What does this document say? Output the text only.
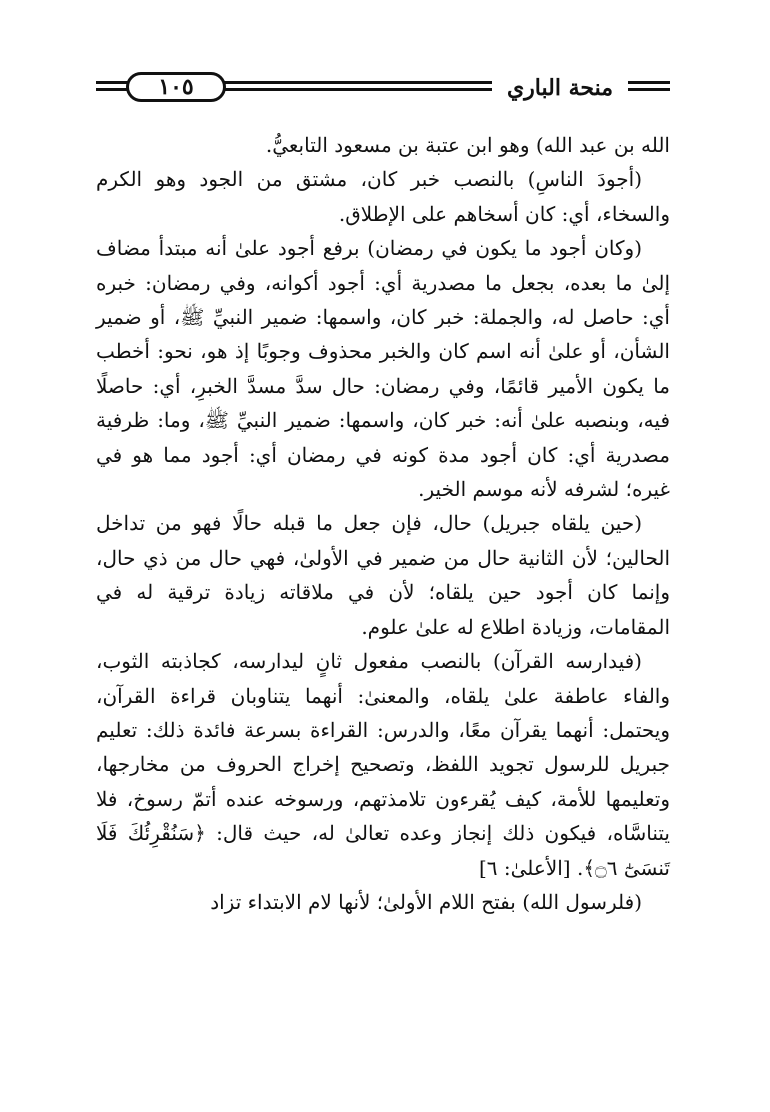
١٠٥	منحة الباري

الله بن عبد الله) وهو ابن عتبة بن مسعود التابعيُّ.

(أجودَ الناسِ) بالنصب خبر كان، مشتق من الجود وهو الكرم والسخاء، أي: كان أسخاهم على الإطلاق.

(وكان أجود ما يكون في رمضان) برفع أجود علىٰ أنه مبتدأ مضاف إلىٰ ما بعده، بجعل ما مصدرية أي: أجود أكوانه، وفي رمضان: خبره أي: حاصل له، والجملة: خبر كان، واسمها: ضمير النبيِّ ﷺ، أو ضمير الشأن، أو علىٰ أنه اسم كان والخبر محذوف وجوبًا إذ هو، نحو: أخطب ما يكون الأمير قائمًا، وفي رمضان: حال سدَّ مسدَّ الخبرِ، أي: حاصلًا فيه، وبنصبه علىٰ أنه: خبر كان، واسمها: ضمير النبيِّ ﷺ، وما: ظرفية مصدرية أي: كان أجود مدة كونه في رمضان أي: أجود مما هو في غيره؛ لشرفه لأنه موسم الخير.

(حين يلقاه جبريل) حال، فإن جعل ما قبله حالًا فهو من تداخل الحالين؛ لأن الثانية حال من ضمير في الأولىٰ، فهي حال من ذي حال، وإنما كان أجود حين يلقاه؛ لأن في ملاقاته زيادة ترقية له في المقامات، وزيادة اطلاع له علىٰ علوم.

(فيدارسه القرآن) بالنصب مفعول ثانٍ ليدارسه، كجاذبته الثوب، والفاء عاطفة علىٰ يلقاه، والمعنىٰ: أنهما يتناوبان قراءة القرآن، ويحتمل: أنهما يقرآن معًا، والدرس: القراءة بسرعة فائدة ذلك: تعليم جبريل للرسول تجويد اللفظ، وتصحيح إخراج الحروف من مخارجها، وتعليمها للأمة، كيف يُقرءون تلامذتهم، ورسوخه عنده أتمّ رسوخ، فلا يتناسَّاه، فيكون ذلك إنجاز وعده تعالىٰ له، حيث قال: ﴿سَنُقْرِئُكَ فَلَا تَنسَىٰٓ ۝٦﴾. [الأعلىٰ: ٦]

(فلرسول الله) بفتح اللام الأولىٰ؛ لأنها لام الابتداء تزاد
